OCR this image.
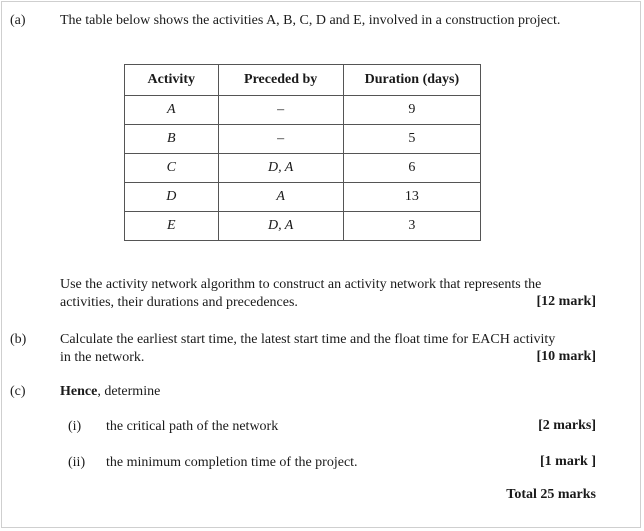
(a) The table below shows the activities A, B, C, D and E, involved in a construction project.
Activity	Preceded by	Duration (days)
A	–	9
B	–	5
C	D, A	6
D	A	13
E	D, A	3
Use the activity network algorithm to construct an activity network that represents the
activities, their durations and precedences.	[12 mark]
(b) Calculate the earliest start time, the latest start time and the float time for EACH activity
in the network.	[10 mark]
(c) Hence, determine
(i) the critical path of the network	[2 marks]
(ii) the minimum completion time of the project.	[1 mark ]
Total 25 marks
